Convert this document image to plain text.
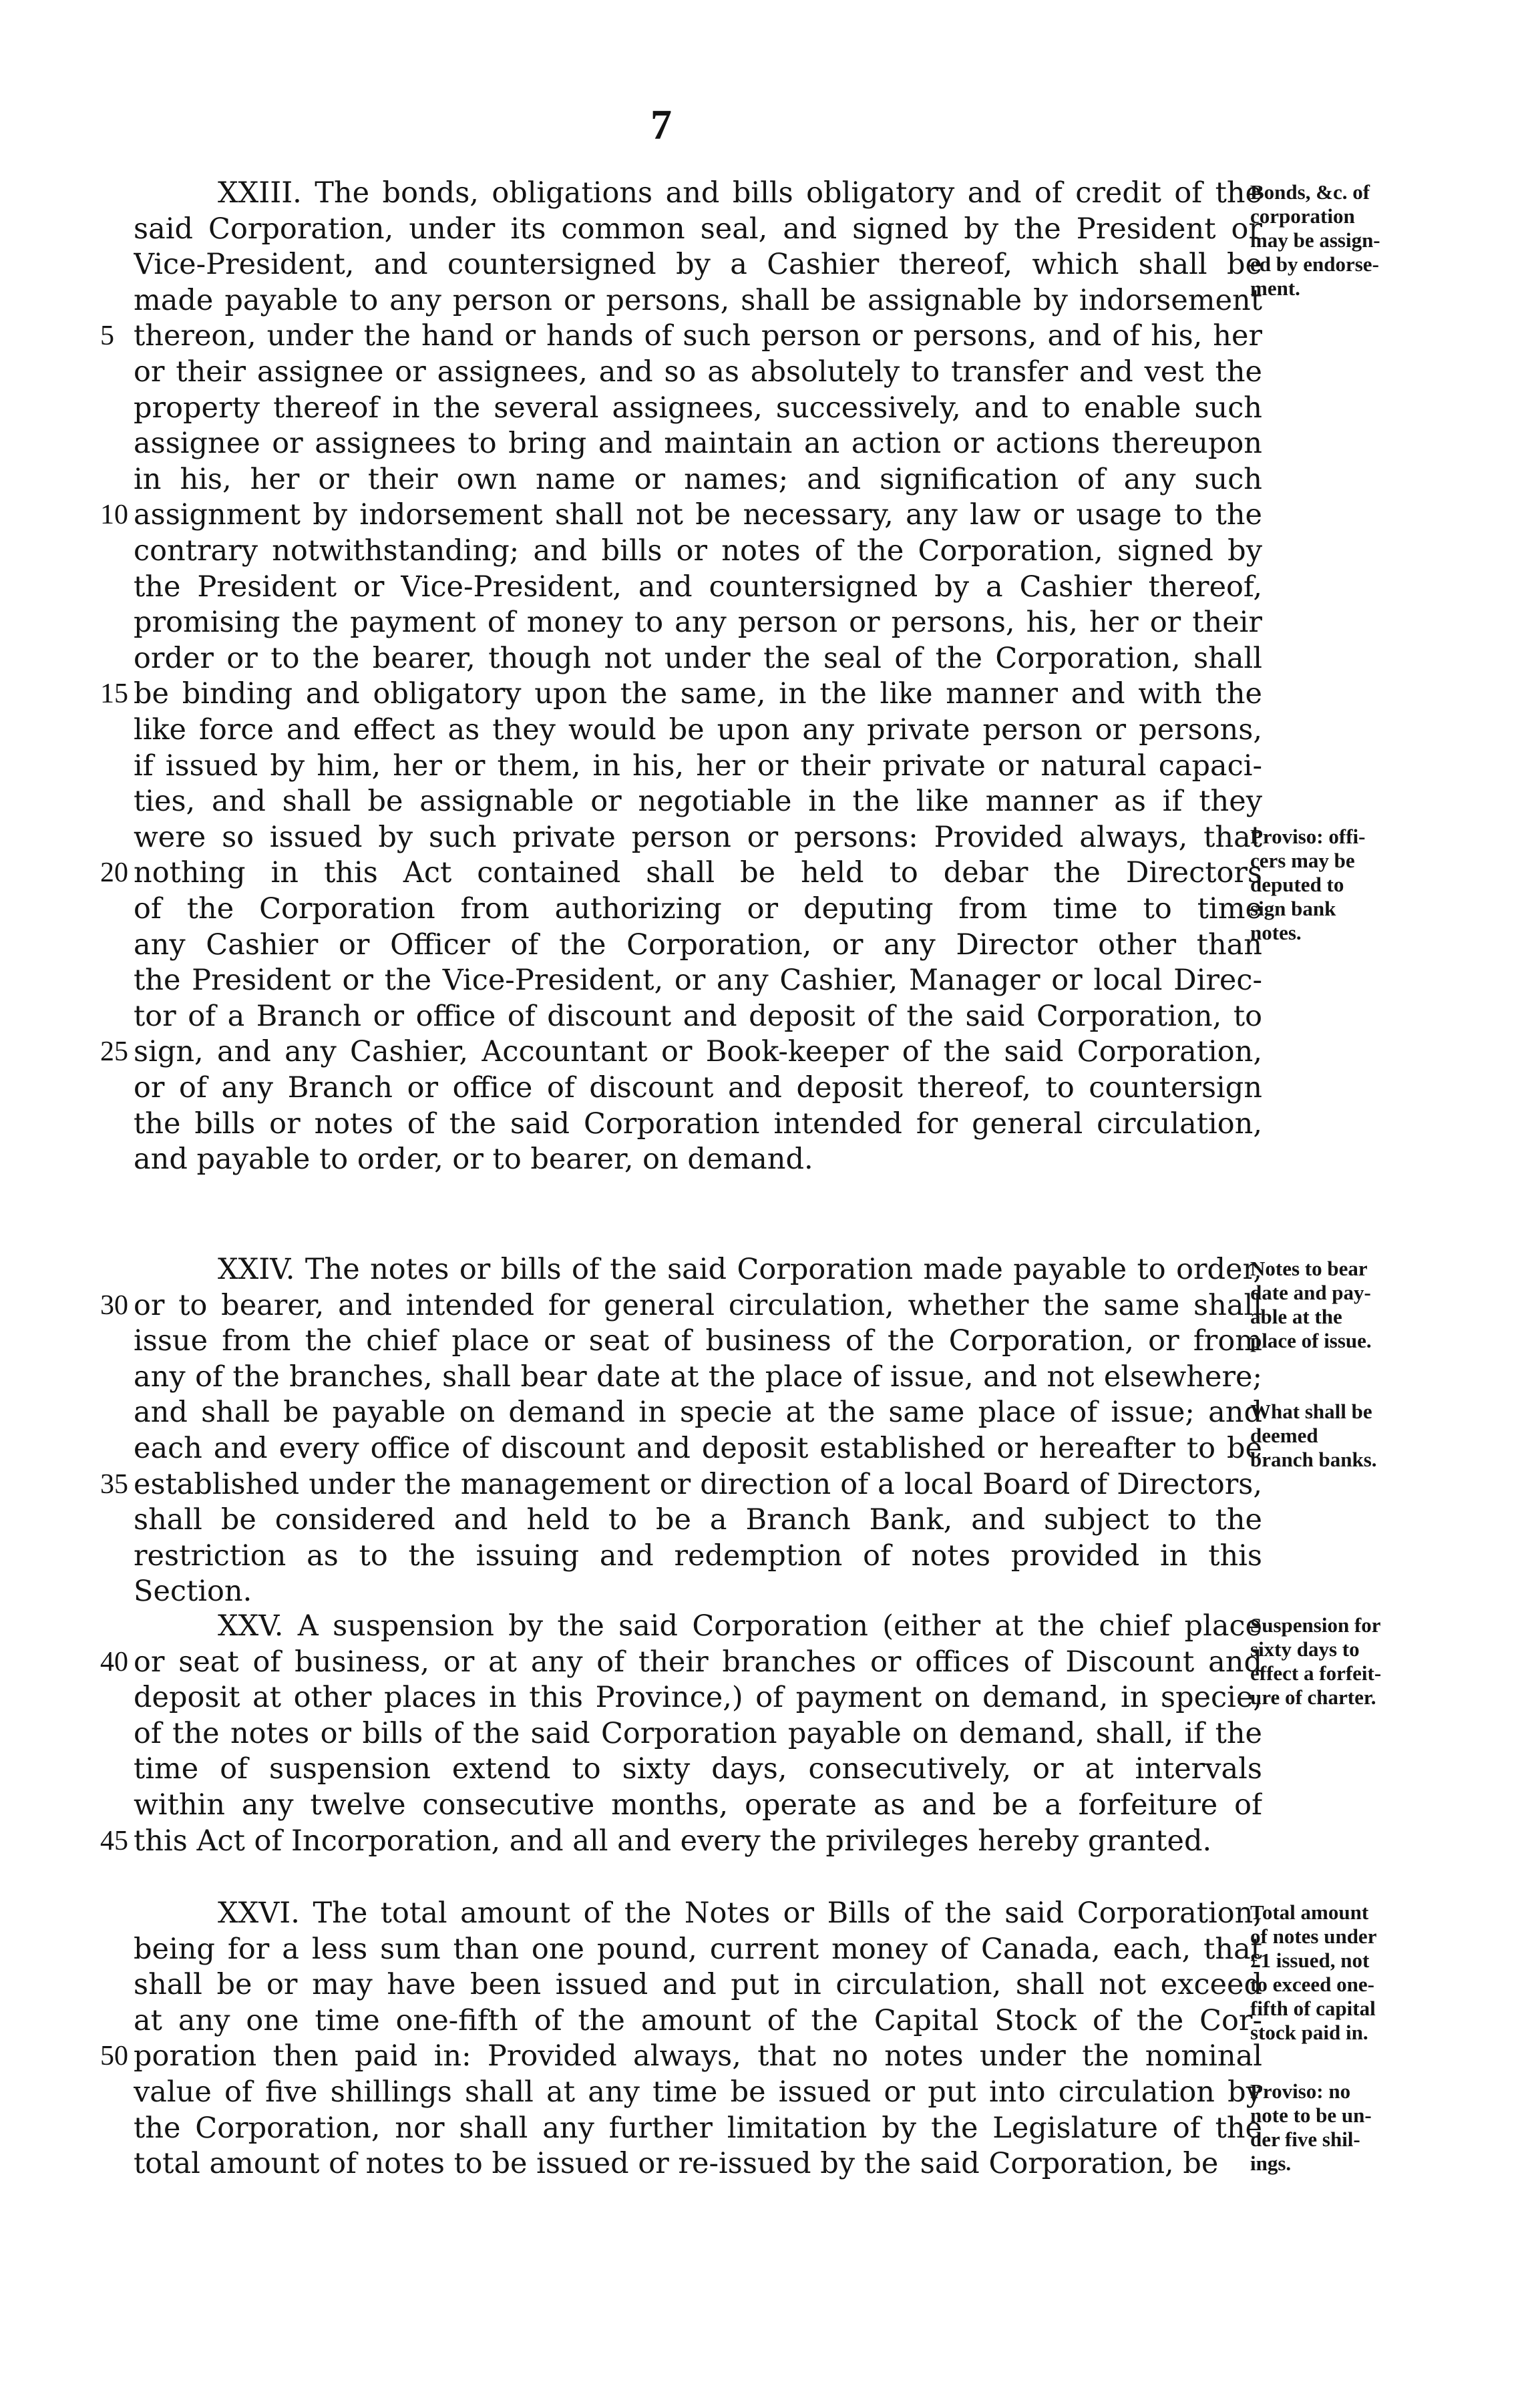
7
XXIII. The bonds, obligations and bills obligatory and of credit of the
said Corporation, under its common seal, and signed by the President or
Vice-President, and countersigned by a Cashier thereof, which shall be
made payable to any person or persons, shall be assignable by indorsement
5 thereon, under the hand or hands of such person or persons, and of his, her
or their assignee or assignees, and so as absolutely to transfer and vest the
property thereof in the several assignees, successively, and to enable such
assignee or assignees to bring and maintain an action or actions thereupon
in his, her or their own name or names; and signification of any such
10 assignment by indorsement shall not be necessary, any law or usage to the
contrary notwithstanding; and bills or notes of the Corporation, signed by
the President or Vice-President, and countersigned by a Cashier thereof,
promising the payment of money to any person or persons, his, her or their
order or to the bearer, though not under the seal of the Corporation, shall
15 be binding and obligatory upon the same, in the like manner and with the
like force and effect as they would be upon any private person or persons,
if issued by him, her or them, in his, her or their private or natural capaci-
ties, and shall be assignable or negotiable in the like manner as if they
were so issued by such private person or persons: Provided always, that
20 nothing in this Act contained shall be held to debar the Directors
of the Corporation from authorizing or deputing from time to time
any Cashier or Officer of the Corporation, or any Director other than
the President or the Vice-President, or any Cashier, Manager or local Direc-
tor of a Branch or office of discount and deposit of the said Corporation, to
25 sign, and any Cashier, Accountant or Book-keeper of the said Corporation,
or of any Branch or office of discount and deposit thereof, to countersign
the bills or notes of the said Corporation intended for general circulation,
and payable to order, or to bearer, on demand.
Bonds, &c. of
corporation
may be assign-
ed by endorse-
ment.
Proviso: offi-
cers may be
deputed to
sign bank
notes.
XXIV. The notes or bills of the said Corporation made payable to order,
30 or to bearer, and intended for general circulation, whether the same shall
issue from the chief place or seat of business of the Corporation, or from
any of the branches, shall bear date at the place of issue, and not elsewhere;
and shall be payable on demand in specie at the same place of issue; and
each and every office of discount and deposit established or hereafter to be
35 established under the management or direction of a local Board of Directors,
shall be considered and held to be a Branch Bank, and subject to the
restriction as to the issuing and redemption of notes provided in this
Section.
Notes to bear
date and pay-
able at the
place of issue.
What shall be
deemed
branch banks.
XXV. A suspension by the said Corporation (either at the chief place
40 or seat of business, or at any of their branches or offices of Discount and
deposit at other places in this Province,) of payment on demand, in specie,
of the notes or bills of the said Corporation payable on demand, shall, if the
time of suspension extend to sixty days, consecutively, or at intervals
within any twelve consecutive months, operate as and be a forfeiture of
45 this Act of Incorporation, and all and every the privileges hereby granted.
Suspension for
sixty days to
effect a forfeit-
ure of charter.
XXVI. The total amount of the Notes or Bills of the said Corporation,
being for a less sum than one pound, current money of Canada, each, that
shall be or may have been issued and put in circulation, shall not exceed
at any one time one-fifth of the amount of the Capital Stock of the Cor-
50 poration then paid in: Provided always, that no notes under the nominal
value of five shillings shall at any time be issued or put into circulation by
the Corporation, nor shall any further limitation by the Legislature of the
total amount of notes to be issued or re-issued by the said Corporation, be
Total amount
of notes under
£1 issued, not
to exceed one-
fifth of capital
stock paid in.
Proviso: no
note to be un-
der five shil-
ings.
